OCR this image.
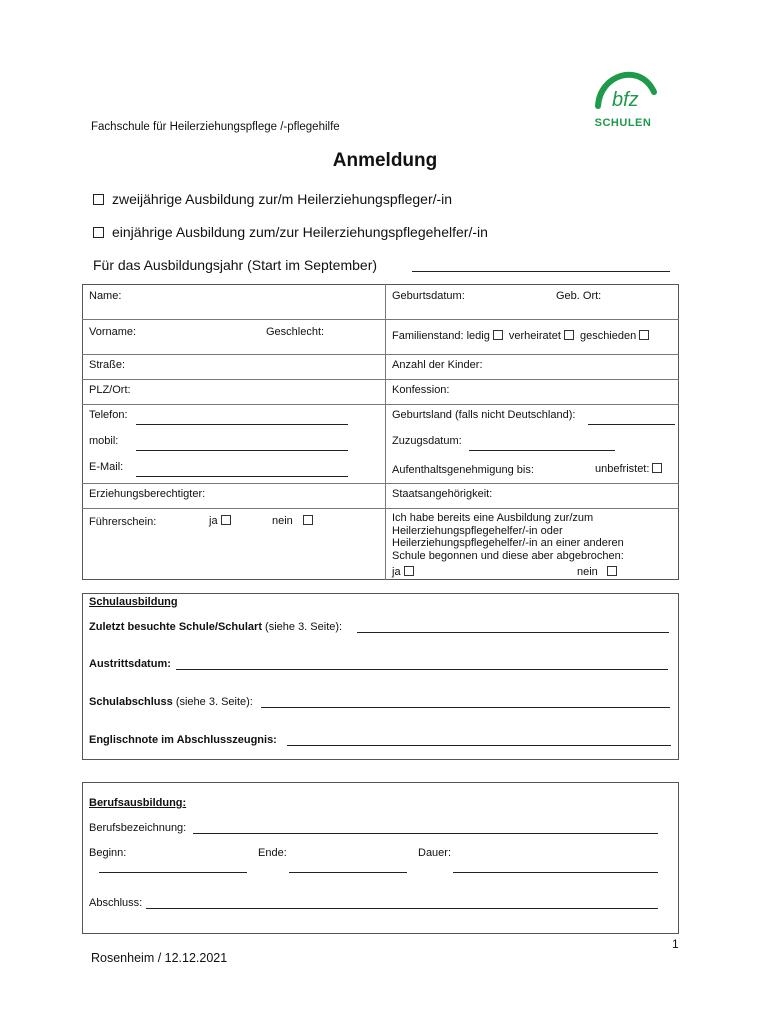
bfz
SCHULEN
Fachschule für Heilerziehungspflege /-pflegehilfe
Anmeldung
zweijährige Ausbildung zur/m Heilerziehungspfleger/-in
einjährige Ausbildung zum/zur Heilerziehungspflegehelfer/-in
Für das Ausbildungsjahr (Start im September)
Name:	Geburtsdatum:	Geb. Ort:
Vorname:	Geschlecht:	Familienstand: ledig verheiratet geschieden
Straße:	Anzahl der Kinder:
PLZ/Ort:	Konfession:
Telefon:	Geburtsland (falls nicht Deutschland):
mobil:	Zuzugsdatum:
E-Mail:	Aufenthaltsgenehmigung bis:	unbefristet:
Erziehungsberechtigter:	Staatsangehörigkeit:
Führerschein:	ja	nein	Ich habe bereits eine Ausbildung zur/zum
Heilerziehungspflegehelfer/-in oder
Heilerziehungspflegehelfer/-in an einer anderen
Schule begonnen und diese aber abgebrochen:
ja	nein
Schulausbildung
Zuletzt besuchte Schule/Schulart (siehe 3. Seite):
Austrittsdatum:
Schulabschluss (siehe 3. Seite):
Englischnote im Abschlusszeugnis:
Berufsausbildung:
Berufsbezeichnung:
Beginn:	Ende:	Dauer:
Abschluss:
1
Rosenheim / 12.12.2021
